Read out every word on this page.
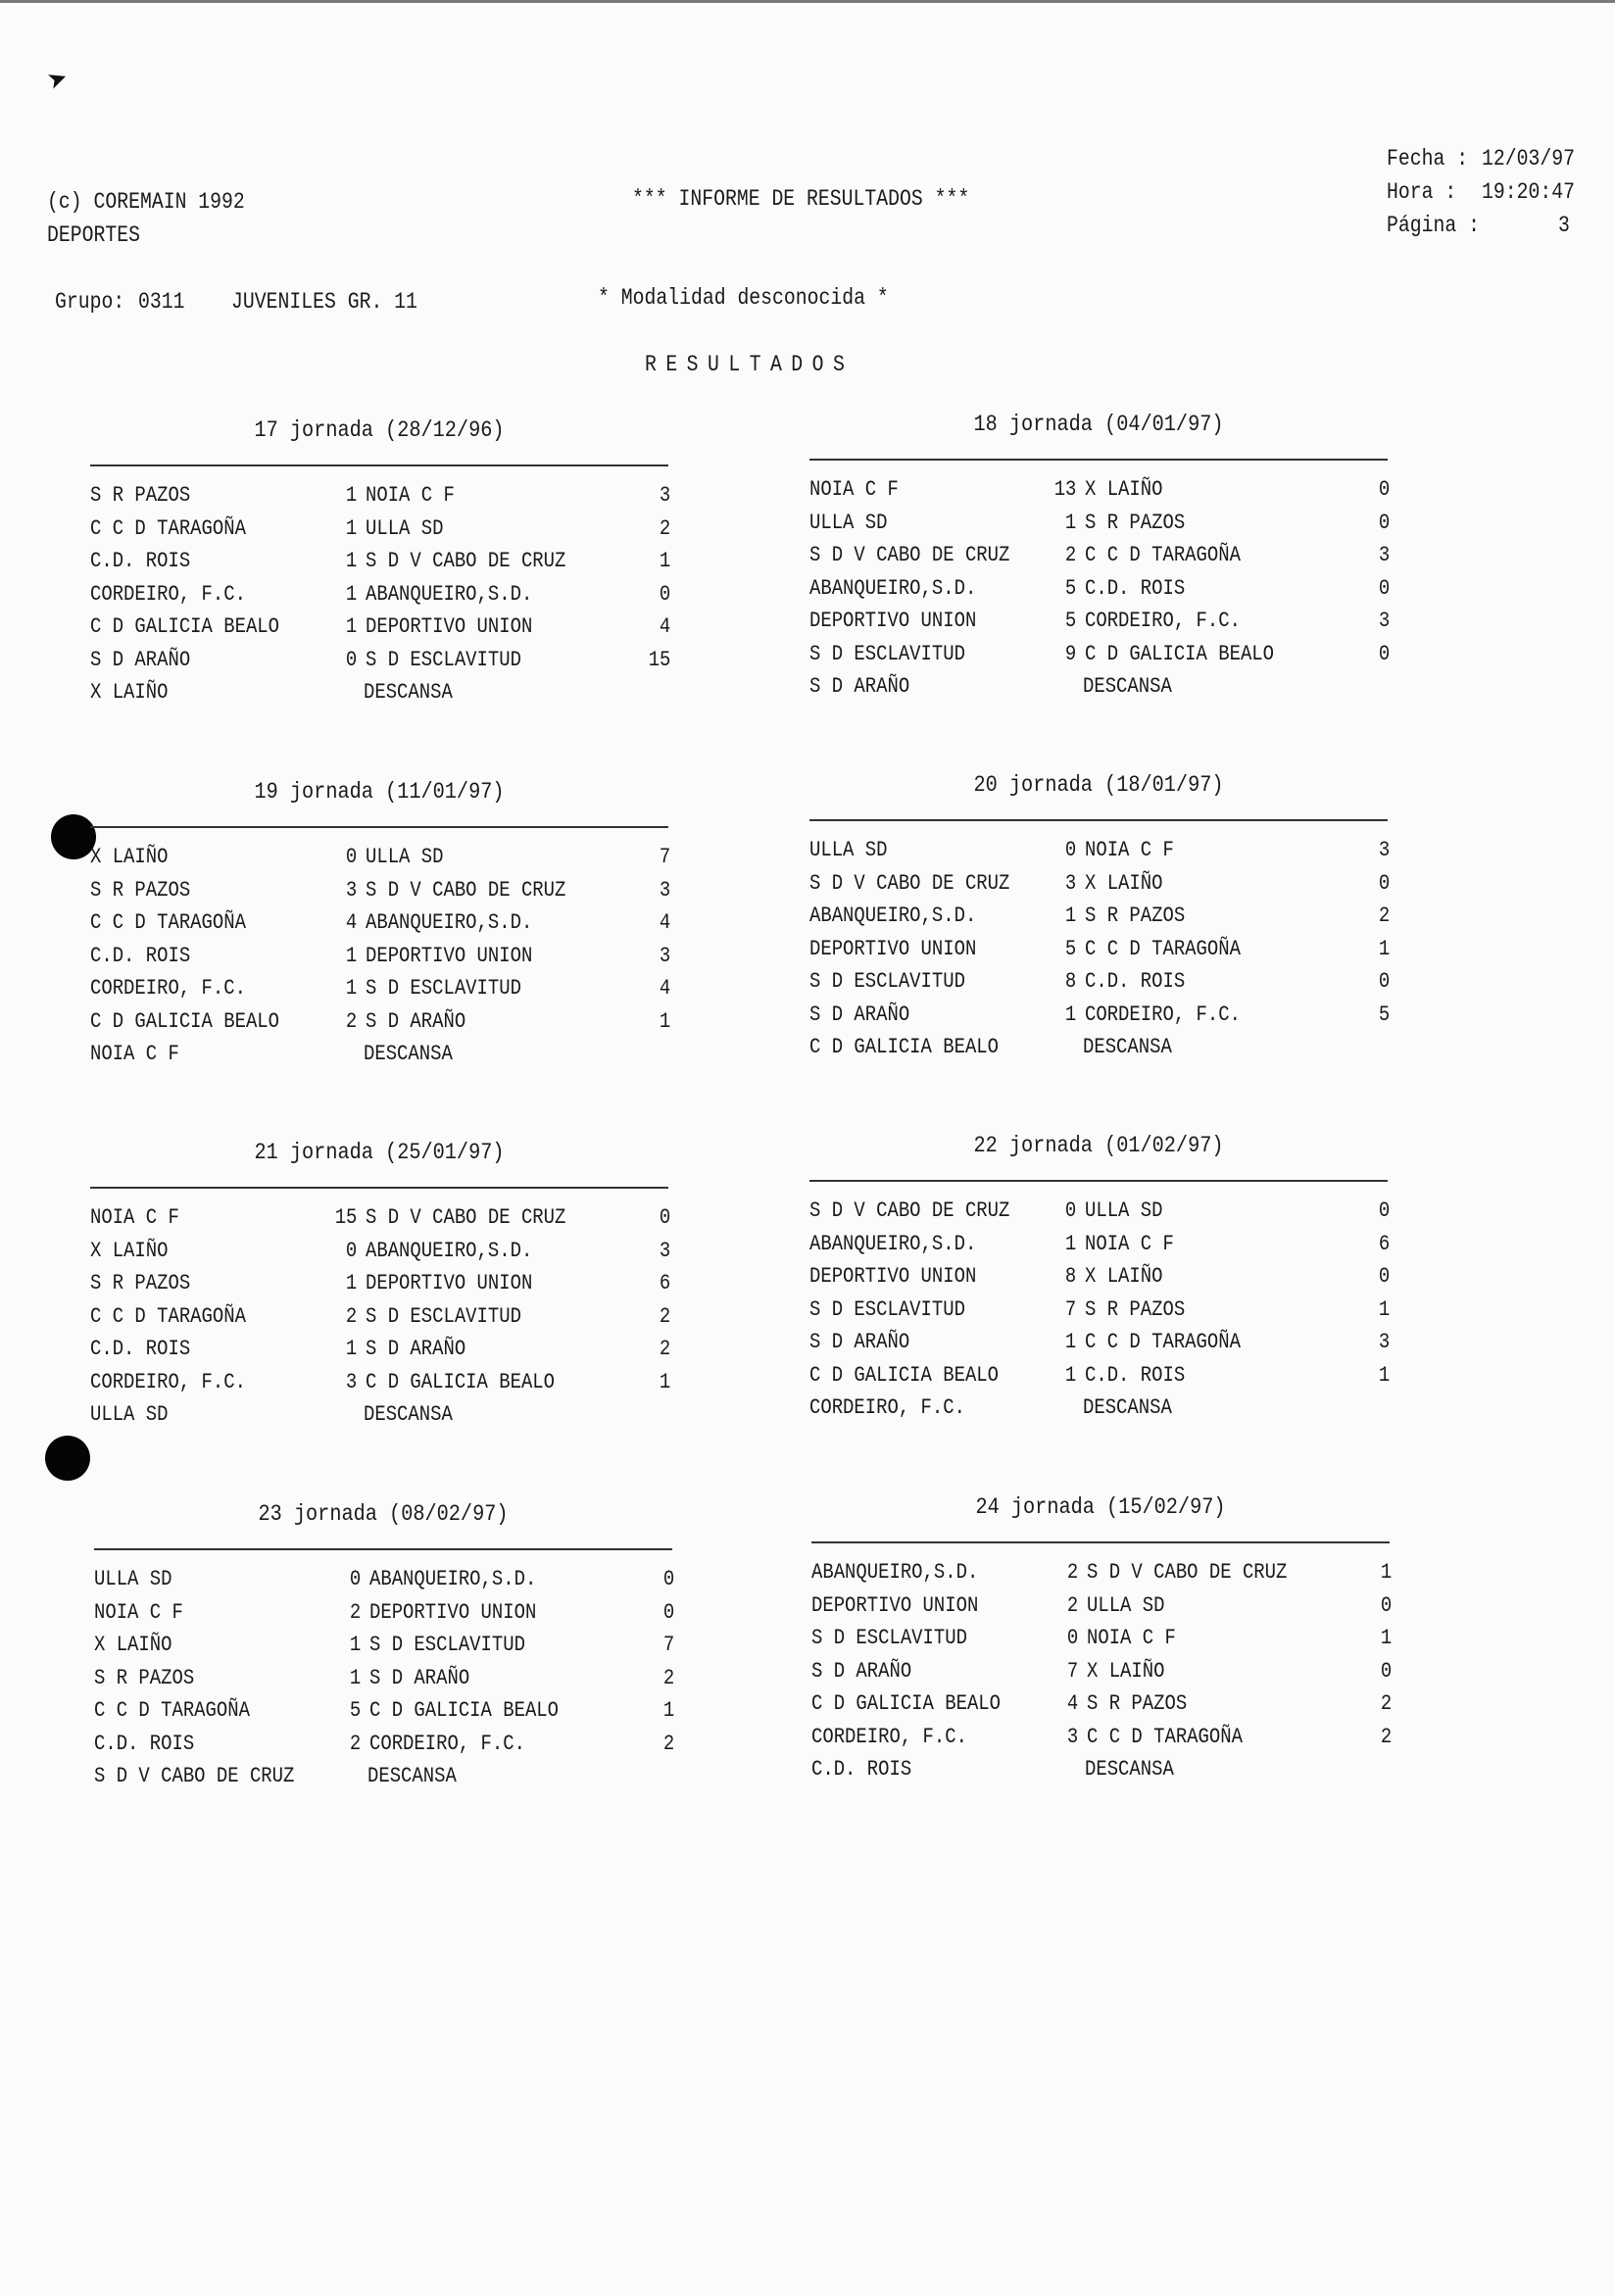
➤
(c) COREMAIN 1992
DEPORTES
*** INFORME DE RESULTADOS ***
Fecha : 12/03/97
Hora : 19:20:47
Página :	3
Grupo: 0311 JUVENILES GR. 11	* Modalidad desconocida *
RESULTADOS
17 jornada (28/12/96)
S R PAZOS	1 NOIA C F	3
C C D TARAGOÑA	1 ULLA SD	2
C.D. ROIS	1 S D V CABO DE CRUZ	1
CORDEIRO, F.C.	1 ABANQUEIRO,S.D.	0
C D GALICIA BEALO	1 DEPORTIVO UNION	4
S D ARAÑO	0 S D ESCLAVITUD	15
X LAIÑO	DESCANSA
18 jornada (04/01/97)
NOIA C F	13 X LAIÑO	0
ULLA SD	1 S R PAZOS	0
S D V CABO DE CRUZ	2 C C D TARAGOÑA	3
ABANQUEIRO,S.D.	5 C.D. ROIS	0
DEPORTIVO UNION	5 CORDEIRO, F.C.	3
S D ESCLAVITUD	9 C D GALICIA BEALO	0
S D ARAÑO	DESCANSA
19 jornada (11/01/97)
X LAIÑO	0 ULLA SD	7
S R PAZOS	3 S D V CABO DE CRUZ	3
C C D TARAGOÑA	4 ABANQUEIRO,S.D.	4
C.D. ROIS	1 DEPORTIVO UNION	3
CORDEIRO, F.C.	1 S D ESCLAVITUD	4
C D GALICIA BEALO	2 S D ARAÑO	1
NOIA C F	DESCANSA
20 jornada (18/01/97)
ULLA SD	0 NOIA C F	3
S D V CABO DE CRUZ	3 X LAIÑO	0
ABANQUEIRO,S.D.	1 S R PAZOS	2
DEPORTIVO UNION	5 C C D TARAGOÑA	1
S D ESCLAVITUD	8 C.D. ROIS	0
S D ARAÑO	1 CORDEIRO, F.C.	5
C D GALICIA BEALO	DESCANSA
21 jornada (25/01/97)
NOIA C F	15 S D V CABO DE CRUZ	0
X LAIÑO	0 ABANQUEIRO,S.D.	3
S R PAZOS	1 DEPORTIVO UNION	6
C C D TARAGOÑA	2 S D ESCLAVITUD	2
C.D. ROIS	1 S D ARAÑO	2
CORDEIRO, F.C.	3 C D GALICIA BEALO	1
ULLA SD	DESCANSA
22 jornada (01/02/97)
S D V CABO DE CRUZ	0 ULLA SD	0
ABANQUEIRO,S.D.	1 NOIA C F	6
DEPORTIVO UNION	8 X LAIÑO	0
S D ESCLAVITUD	7 S R PAZOS	1
S D ARAÑO	1 C C D TARAGOÑA	3
C D GALICIA BEALO	1 C.D. ROIS	1
CORDEIRO, F.C.	DESCANSA
23 jornada (08/02/97)
ULLA SD	0 ABANQUEIRO,S.D.	0
NOIA C F	2 DEPORTIVO UNION	0
X LAIÑO	1 S D ESCLAVITUD	7
S R PAZOS	1 S D ARAÑO	2
C C D TARAGOÑA	5 C D GALICIA BEALO	1
C.D. ROIS	2 CORDEIRO, F.C.	2
S D V CABO DE CRUZ	DESCANSA
24 jornada (15/02/97)
ABANQUEIRO,S.D.	2 S D V CABO DE CRUZ	1
DEPORTIVO UNION	2 ULLA SD	0
S D ESCLAVITUD	0 NOIA C F	1
S D ARAÑO	7 X LAIÑO	0
C D GALICIA BEALO	4 S R PAZOS	2
CORDEIRO, F.C.	3 C C D TARAGOÑA	2
C.D. ROIS	DESCANSA
